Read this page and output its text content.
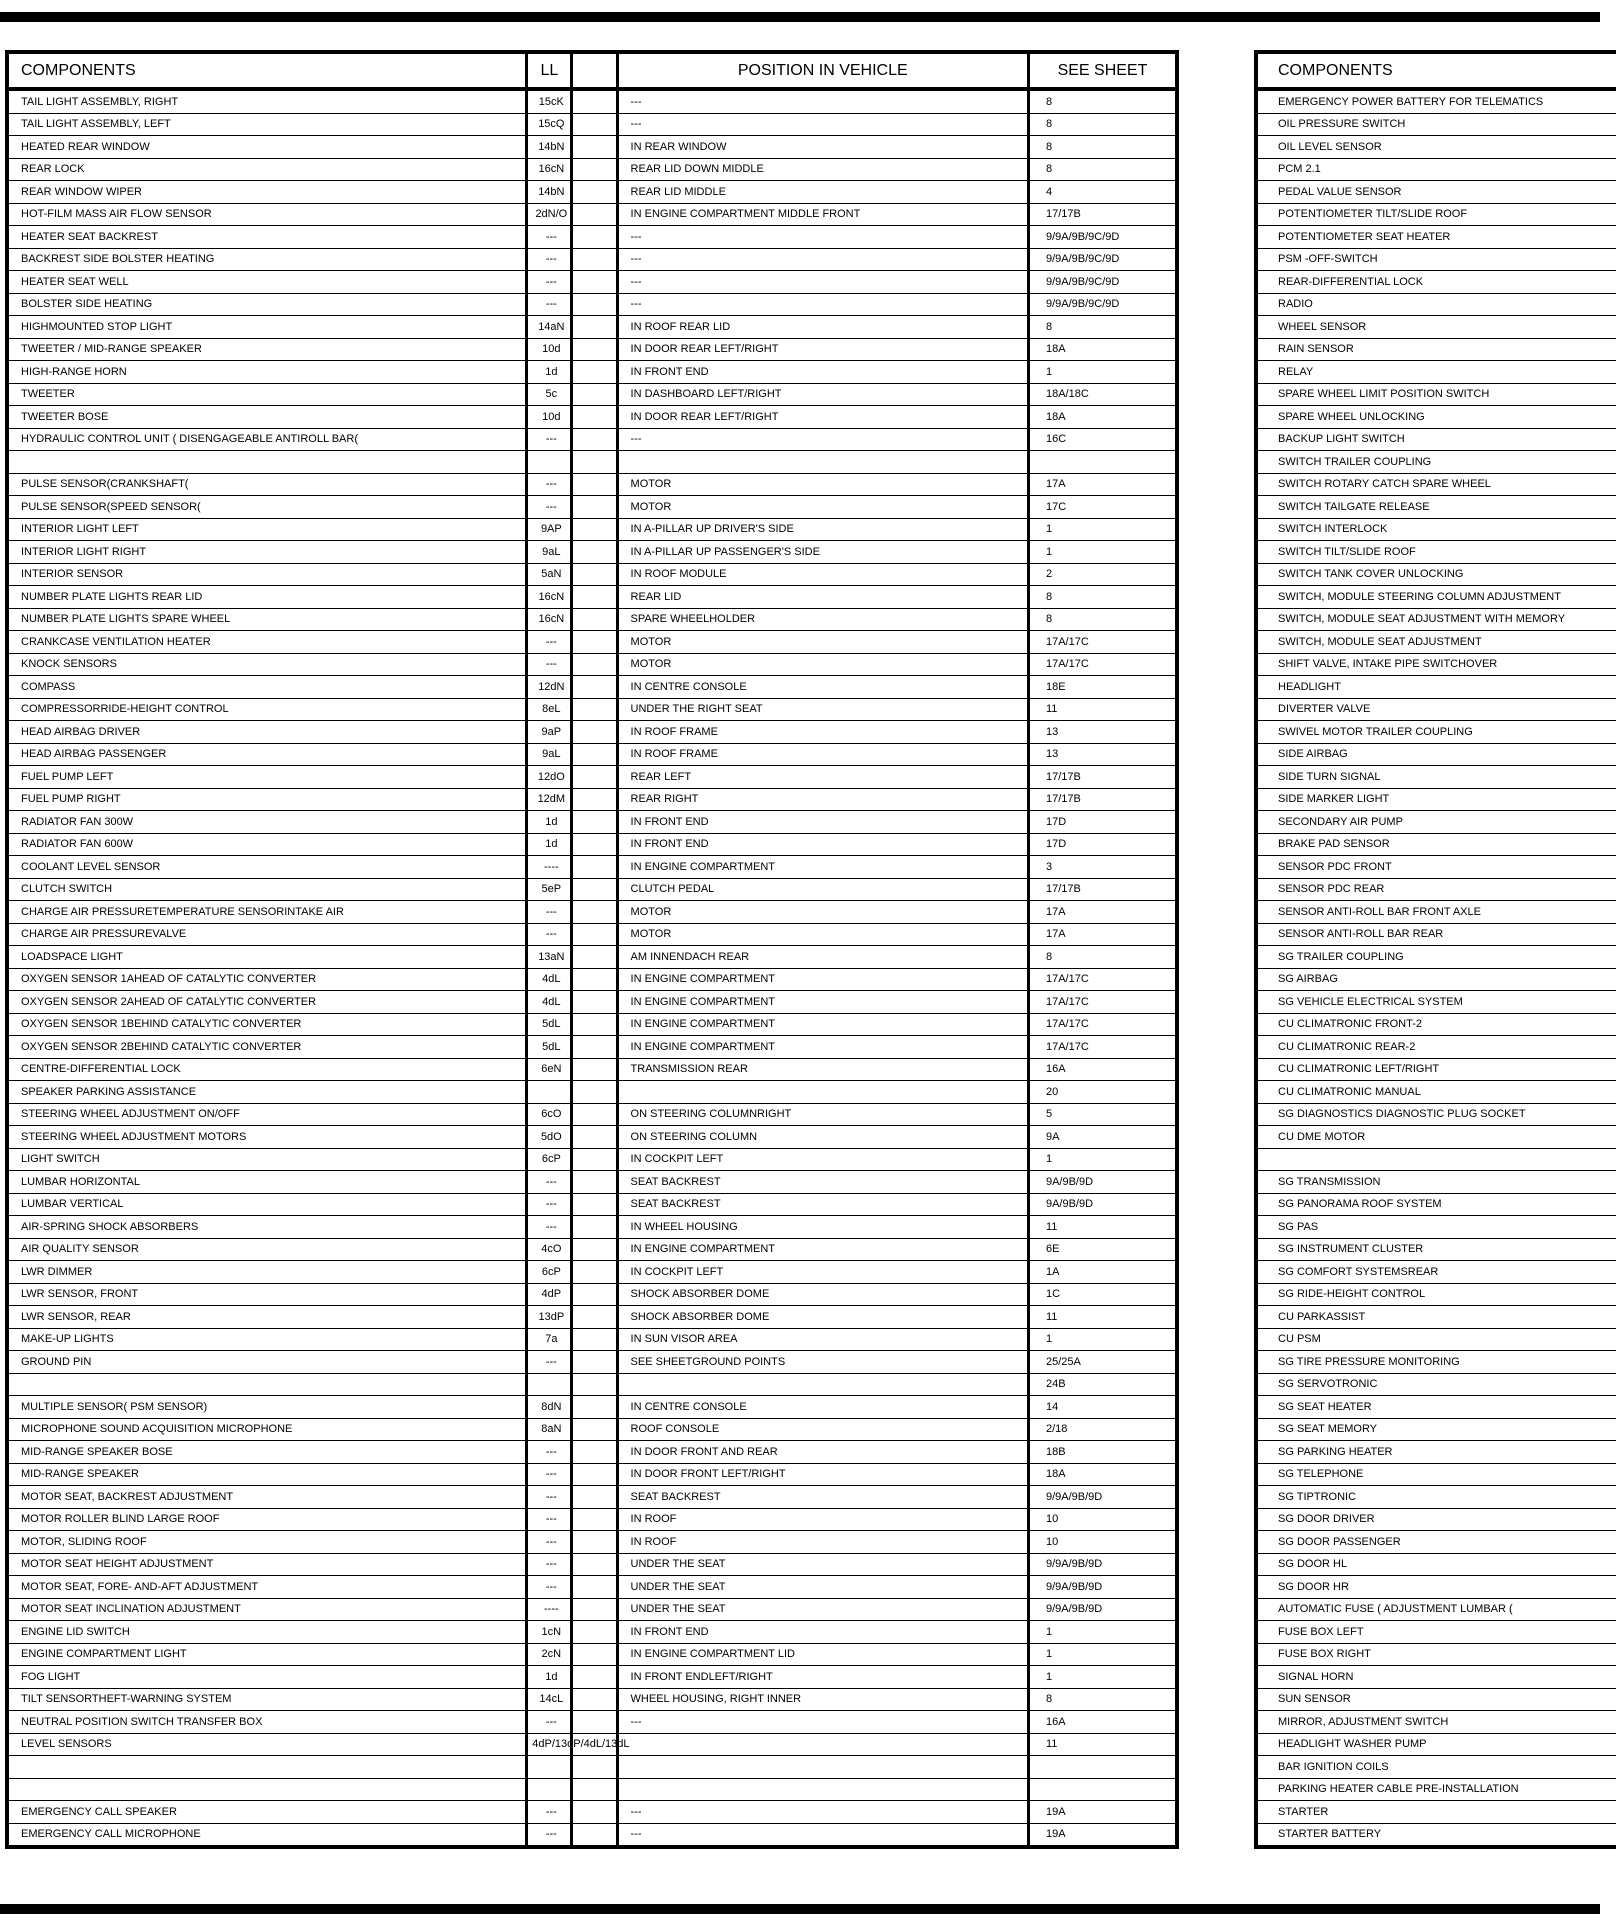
COMPONENTS	LL		POSITION IN VEHICLE	SEE SHEET
TAIL LIGHT ASSEMBLY, RIGHT	15cK		---	8
TAIL LIGHT ASSEMBLY, LEFT	15cQ		---	8
HEATED REAR WINDOW	14bN		IN REAR WINDOW	8
REAR LOCK	16cN		REAR LID DOWN MIDDLE	8
REAR WINDOW WIPER	14bN		REAR LID MIDDLE	4
HOT-FILM MASS AIR FLOW SENSOR	2dN/O		IN ENGINE COMPARTMENT MIDDLE FRONT	17/17B
HEATER SEAT BACKREST	---		---	9/9A/9B/9C/9D
BACKREST SIDE BOLSTER HEATING	---		---	9/9A/9B/9C/9D
HEATER SEAT WELL	---		---	9/9A/9B/9C/9D
BOLSTER SIDE HEATING	---		---	9/9A/9B/9C/9D
HIGHMOUNTED STOP LIGHT	14aN		IN ROOF REAR LID	8
TWEETER / MID-RANGE SPEAKER	10d		IN DOOR REAR LEFT/RIGHT	18A
HIGH-RANGE HORN	1d		IN FRONT END	1
TWEETER	5c		IN DASHBOARD LEFT/RIGHT	18A/18C
TWEETER BOSE	10d		IN DOOR REAR LEFT/RIGHT	18A
HYDRAULIC CONTROL UNIT ( DISENGAGEABLE ANTIROLL BAR(	---		---	16C

PULSE SENSOR(CRANKSHAFT(	---		MOTOR	17A
PULSE SENSOR(SPEED SENSOR(	---		MOTOR	17C
INTERIOR LIGHT LEFT	9AP		IN A-PILLAR UP DRIVER'S SIDE	1
INTERIOR LIGHT RIGHT	9aL		IN A-PILLAR UP PASSENGER'S SIDE	1
INTERIOR SENSOR	5aN		IN ROOF MODULE	2
NUMBER PLATE LIGHTS REAR LID	16cN		REAR LID	8
NUMBER PLATE LIGHTS SPARE WHEEL	16cN		SPARE WHEELHOLDER	8
CRANKCASE VENTILATION HEATER	---		MOTOR	17A/17C
KNOCK SENSORS	---		MOTOR	17A/17C
COMPASS	12dN		IN CENTRE CONSOLE	18E
COMPRESSORRIDE-HEIGHT CONTROL	8eL		UNDER THE RIGHT SEAT	11
HEAD AIRBAG DRIVER	9aP		IN ROOF FRAME	13
HEAD AIRBAG PASSENGER	9aL		IN ROOF FRAME	13
FUEL PUMP LEFT	12dO		REAR LEFT	17/17B
FUEL PUMP RIGHT	12dM		REAR RIGHT	17/17B
RADIATOR FAN 300W	1d		IN FRONT END	17D
RADIATOR FAN 600W	1d		IN FRONT END	17D
COOLANT LEVEL SENSOR	----		IN ENGINE COMPARTMENT	3
CLUTCH SWITCH	5eP		CLUTCH PEDAL	17/17B
CHARGE AIR PRESSURETEMPERATURE SENSORINTAKE AIR	---		MOTOR	17A
CHARGE AIR PRESSUREVALVE	---		MOTOR	17A
LOADSPACE LIGHT	13aN		AM INNENDACH REAR	8
OXYGEN SENSOR 1AHEAD OF CATALYTIC CONVERTER	4dL		IN ENGINE COMPARTMENT	17A/17C
OXYGEN SENSOR 2AHEAD OF CATALYTIC CONVERTER	4dL		IN ENGINE COMPARTMENT	17A/17C
OXYGEN SENSOR 1BEHIND CATALYTIC CONVERTER	5dL		IN ENGINE COMPARTMENT	17A/17C
OXYGEN SENSOR 2BEHIND CATALYTIC CONVERTER	5dL		IN ENGINE COMPARTMENT	17A/17C
CENTRE-DIFFERENTIAL LOCK	6eN		TRANSMISSION REAR	16A
SPEAKER PARKING ASSISTANCE				20
STEERING WHEEL ADJUSTMENT ON/OFF	6cO		ON STEERING COLUMNRIGHT	5
STEERING WHEEL ADJUSTMENT MOTORS	5dO		ON STEERING COLUMN	9A
LIGHT SWITCH	6cP		IN COCKPIT LEFT	1
LUMBAR HORIZONTAL	---		SEAT BACKREST	9A/9B/9D
LUMBAR VERTICAL	---		SEAT BACKREST	9A/9B/9D
AIR-SPRING SHOCK ABSORBERS	---		IN WHEEL HOUSING	11
AIR QUALITY SENSOR	4cO		IN ENGINE COMPARTMENT	6E
LWR DIMMER	6cP		IN COCKPIT LEFT	1A
LWR SENSOR, FRONT	4dP		SHOCK ABSORBER DOME	1C
LWR SENSOR, REAR	13dP		SHOCK ABSORBER DOME	11
MAKE-UP LIGHTS	7a		IN SUN VISOR AREA	1
GROUND PIN	---		SEE SHEETGROUND POINTS	25/25A
				24B
MULTIPLE SENSOR( PSM SENSOR)	8dN		IN CENTRE CONSOLE	14
MICROPHONE SOUND ACQUISITION MICROPHONE	8aN		ROOF CONSOLE	2/18
MID-RANGE SPEAKER BOSE	---		IN DOOR FRONT AND REAR	18B
MID-RANGE SPEAKER	---		IN DOOR FRONT LEFT/RIGHT	18A
MOTOR SEAT, BACKREST ADJUSTMENT	---		SEAT BACKREST	9/9A/9B/9D
MOTOR ROLLER BLIND LARGE ROOF	---		IN ROOF	10
MOTOR, SLIDING ROOF	---		IN ROOF	10
MOTOR SEAT HEIGHT ADJUSTMENT	---		UNDER THE SEAT	9/9A/9B/9D
MOTOR SEAT, FORE- AND-AFT ADJUSTMENT	---		UNDER THE SEAT	9/9A/9B/9D
MOTOR SEAT INCLINATION ADJUSTMENT	----		UNDER THE SEAT	9/9A/9B/9D
ENGINE LID SWITCH	1cN		IN FRONT END	1
ENGINE COMPARTMENT LIGHT	2cN		IN ENGINE COMPARTMENT LID	1
FOG LIGHT	1d		IN FRONT ENDLEFT/RIGHT	1
TILT SENSORTHEFT-WARNING SYSTEM	14cL		WHEEL HOUSING, RIGHT INNER	8
NEUTRAL POSITION SWITCH TRANSFER BOX	---		---	16A
LEVEL SENSORS	4dP/13dP/4dL/13dL			11

EMERGENCY CALL SPEAKER	---		---	19A
EMERGENCY CALL MICROPHONE	---		---	19A
COMPONENTS
EMERGENCY POWER BATTERY FOR TELEMATICS
OIL PRESSURE SWITCH
OIL LEVEL SENSOR
PCM 2.1
PEDAL VALUE SENSOR
POTENTIOMETER TILT/SLIDE ROOF
POTENTIOMETER SEAT HEATER
PSM -OFF-SWITCH
REAR-DIFFERENTIAL LOCK
RADIO
WHEEL SENSOR
RAIN SENSOR
RELAY
SPARE WHEEL LIMIT POSITION SWITCH
SPARE WHEEL UNLOCKING
BACKUP LIGHT SWITCH
SWITCH TRAILER COUPLING
SWITCH ROTARY CATCH SPARE WHEEL
SWITCH TAILGATE RELEASE
SWITCH INTERLOCK
SWITCH TILT/SLIDE ROOF
SWITCH TANK COVER UNLOCKING
SWITCH, MODULE STEERING COLUMN ADJUSTMENT
SWITCH, MODULE SEAT ADJUSTMENT WITH MEMORY
SWITCH, MODULE SEAT ADJUSTMENT
SHIFT VALVE, INTAKE PIPE SWITCHOVER
HEADLIGHT
DIVERTER VALVE
SWIVEL MOTOR TRAILER COUPLING
SIDE AIRBAG
SIDE TURN SIGNAL
SIDE MARKER LIGHT
SECONDARY AIR PUMP
BRAKE PAD SENSOR
SENSOR PDC FRONT
SENSOR PDC REAR
SENSOR ANTI-ROLL BAR FRONT AXLE
SENSOR ANTI-ROLL BAR REAR
SG TRAILER COUPLING
SG AIRBAG
SG VEHICLE ELECTRICAL SYSTEM
CU CLIMATRONIC FRONT-2
CU CLIMATRONIC REAR-2
CU CLIMATRONIC LEFT/RIGHT
CU CLIMATRONIC MANUAL
SG DIAGNOSTICS DIAGNOSTIC PLUG SOCKET
CU DME MOTOR

SG TRANSMISSION
SG PANORAMA ROOF SYSTEM
SG PAS
SG INSTRUMENT CLUSTER
SG COMFORT SYSTEMSREAR
SG RIDE-HEIGHT CONTROL
CU PARKASSIST
CU PSM
SG TIRE PRESSURE MONITORING
SG SERVOTRONIC
SG SEAT HEATER
SG SEAT MEMORY
SG PARKING HEATER
SG TELEPHONE
SG TIPTRONIC
SG DOOR DRIVER
SG DOOR PASSENGER
SG DOOR HL
SG DOOR HR
AUTOMATIC FUSE ( ADJUSTMENT LUMBAR (
FUSE BOX LEFT
FUSE BOX RIGHT
SIGNAL HORN
SUN SENSOR
MIRROR, ADJUSTMENT SWITCH
HEADLIGHT WASHER PUMP
BAR IGNITION COILS
PARKING HEATER CABLE PRE-INSTALLATION
STARTER
STARTER BATTERY
